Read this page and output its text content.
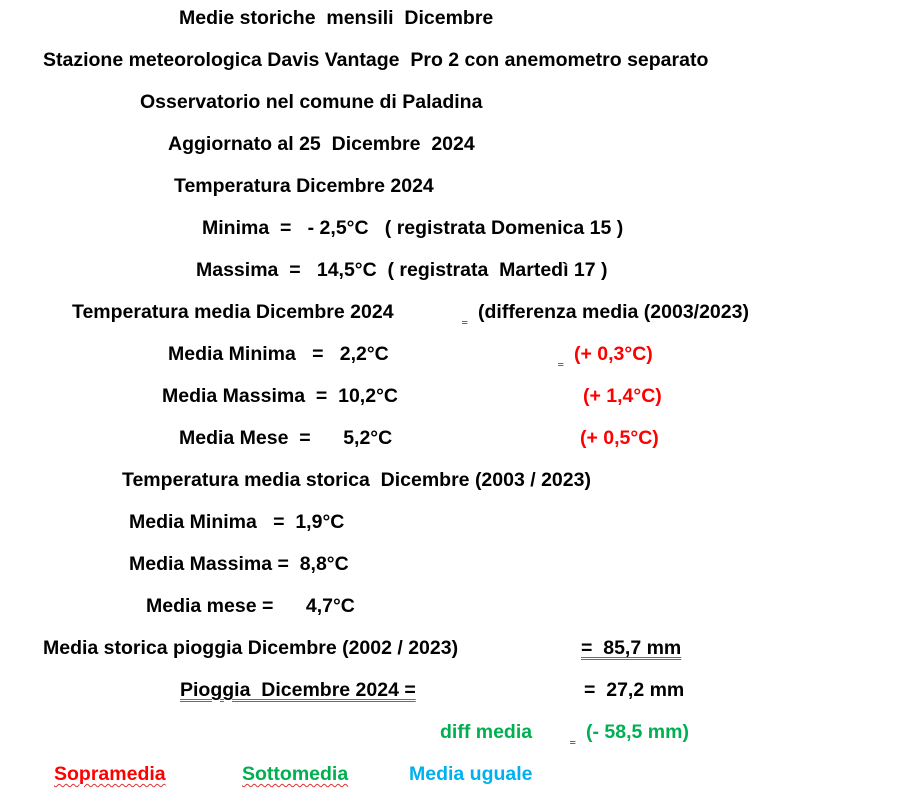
Medie storiche  mensili  Dicembre
Stazione meteorologica Davis Vantage  Pro 2 con anemometro separato
Osservatorio nel comune di Paladina
Aggiornato al 25  Dicembre  2024
Temperatura Dicembre 2024
Minima  =   - 2,5°C   ( registrata Domenica 15 )
Massima  =   14,5°C  ( registrata  Martedì 17 )
Temperatura media Dicembre 2024	(differenza media (2003/2023)
Media Minima   =   2,2°C	(+ 0,3°C)
Media Massima  =  10,2°C	(+ 1,4°C)
Media Mese  =      5,2°C	(+ 0,5°C)
Temperatura media storica  Dicembre (2003 / 2023)
Media Minima   =  1,9°C
Media Massima =  8,8°C
Media mese =      4,7°C
Media storica pioggia Dicembre (2002 / 2023)	=  85,7 mm
Pioggia  Dicembre 2024 =	=  27,2 mm
diff media	(- 58,5 mm)
Sopramedia	Sottomedia	Media uguale
